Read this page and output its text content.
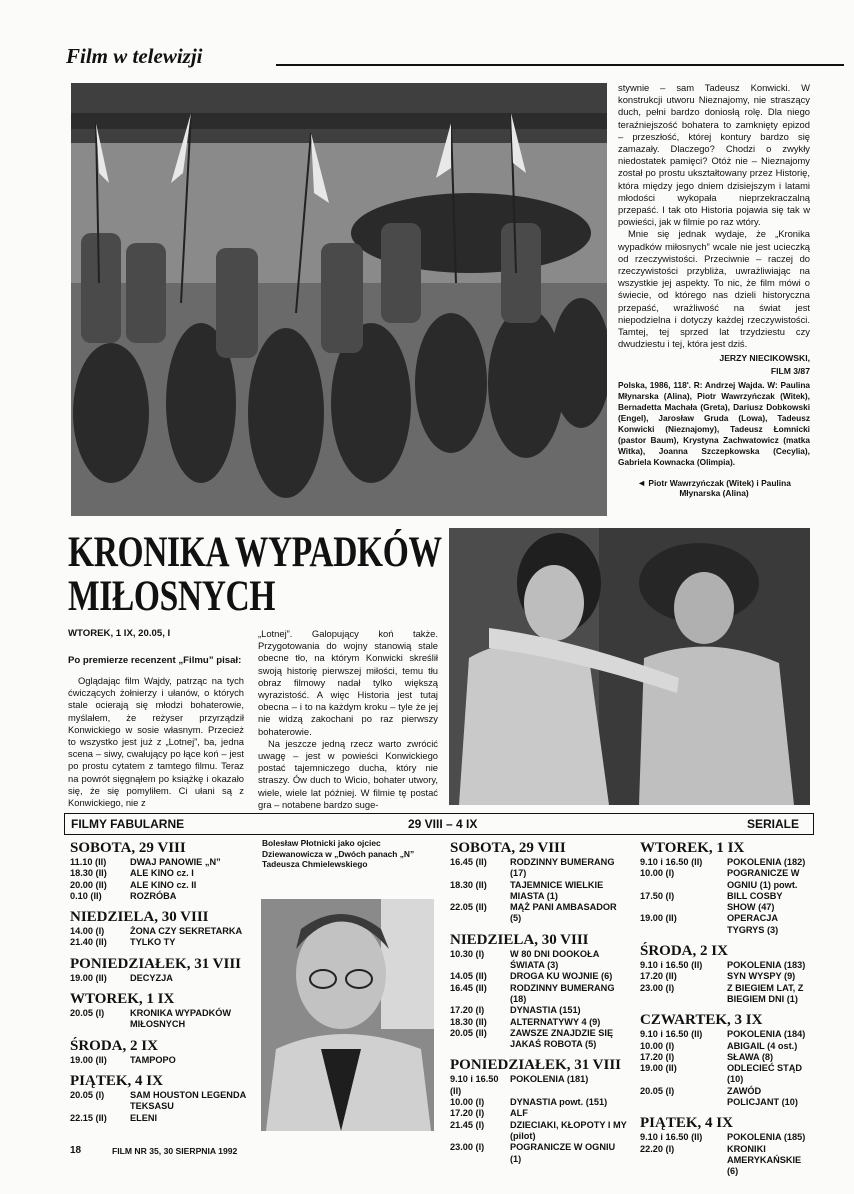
Film w telewizji

stywnie – sam Tadeusz Konwicki. W konstrukcji utworu Nieznajomy, nie straszący duch, pełni bardzo doniosłą rolę. Dla niego teraźniejszość bohatera to zamknięty epizod – przeszłość, której kontury bardzo się zamazały. Dlaczego? Chodzi o zwykły niedostatek pamięci? Otóż nie – Nieznajomy został po prostu ukształtowany przez Historię, która między jego dniem dzisiejszym i latami młodości wykopała nieprzekraczalną przepaść. I tak oto Historia pojawia się tak w powieści, jak w filmie po raz wtóry.

Mnie się jednak wydaje, że „Kronika wypadków miłosnych” wcale nie jest ucieczką od rzeczywistości. Przeciwnie – raczej do rzeczywistości przybliża, uwrażliwiając na wszystkie jej aspekty. To nic, że film mówi o świecie, od którego nas dzieli historyczna przepaść, wrażliwość na świat jest niepodzielna i dotyczy każdej rzeczywistości. Tamtej, tej sprzed lat trzydziestu czy dwudziestu i tej, która jest dziś.

JERZY NIECIKOWSKI,
FILM 3/87
Polska, 1986, 118'. R: Andrzej Wajda. W: Paulina Młynarska (Alina), Piotr Wawrzyńczak (Witek), Bernadetta Machała (Greta), Dariusz Dobkowski (Engel), Jarosław Gruda (Lowa), Tadeusz Konwicki (Nieznajomy), Tadeusz Łomnicki (pastor Baum), Krystyna Zachwatowicz (matka Witka), Joanna Szczepkowska (Cecylia), Gabriela Kownacka (Olimpia).
◄ Piotr Wawrzyńczak (Witek) i Paulina Młynarska (Alina)
KRONIKA WYPADKÓW
MIŁOSNYCH
WTOREK, 1 IX, 20.05, I
Po premierze recenzent „Filmu” pisał:

Oglądając film Wajdy, patrząc na tych ćwiczących żołnierzy i ułanów, o których stale ocierają się młodzi bohaterowie, myślałem, że reżyser przyrządził Konwickiego w sosie własnym. Przecież to wszystko jest już z „Lotnej”, ba, jedna scena – siwy, cwałujący po łące koń – jest po prostu cytatem z tamtego filmu. Teraz na powrót sięgnąłem po książkę i okazało się, że się pomyliłem. Ci ułani są z Konwickiego, nie z

„Lotnej”. Galopujący koń także. Przygotowania do wojny stanowią stale obecne tło, na którym Konwicki skreślił swoją historię pierwszej miłości, temu tłu obraz filmowy nadał tylko większą wyrazistość. A więc Historia jest tutaj obecna – i to na każdym kroku – tyle że jej nie widzą zakochani po raz pierwszy bohaterowie.

Na jeszcze jedną rzecz warto zwrócić uwagę – jest w powieści Konwickiego postać tajemniczego ducha, który nie straszy. Ów duch to Wicio, bohater utwory, wiele, wiele lat później. W filmie tę postać gra – notabene bardzo suge-

FILMY FABULARNE	29 VIII – 4 IX	SERIALE
SOBOTA, 29 VIII
11.10 (II)	DWAJ PANOWIE „N”
18.30 (II)	ALE KINO cz. I
20.00 (II)	ALE KINO cz. II
0.10 (II)	ROZRÓBA
NIEDZIELA, 30 VIII
14.00 (I)	ŻONA CZY SEKRETARKA
21.40 (II)	TYLKO TY
PONIEDZIAŁEK, 31 VIII
19.00 (II)	DECYZJA
WTOREK, 1 IX
20.05 (I)	KRONIKA WYPADKÓW MIŁOSNYCH
ŚRODA, 2 IX
19.00 (II)	TAMPOPO
PIĄTEK, 4 IX
20.05 (I)	SAM HOUSTON LEGENDA TEKSASU
22.15 (II)	ELENI
Bolesław Płotnicki jako ojciec Dziewanowicza w „Dwóch panach „N” Tadeusza Chmielewskiego
SOBOTA, 29 VIII
16.45 (II)	RODZINNY BUMERANG (17)
18.30 (II)	TAJEMNICE WIELKIE MIASTA (1)
22.05 (II)	MĄŻ PANI AMBASADOR (5)
NIEDZIELA, 30 VIII
10.30 (I)	W 80 DNI DOOKOŁA ŚWIATA (3)
14.05 (II)	DROGA KU WOJNIE (6)
16.45 (II)	RODZINNY BUMERANG (18)
17.20 (I)	DYNASTIA (151)
18.30 (II)	ALTERNATYWY 4 (9)
20.05 (II)	ZAWSZE ZNAJDZIE SIĘ JAKAŚ ROBOTA (5)
PONIEDZIAŁEK, 31 VIII
9.10 i 16.50 (II)
POKOLENIA (181)
10.00 (I)	DYNASTIA powt. (151)
17.20 (I)	ALF
21.45 (I)	DZIECIAKI, KŁOPOTY I MY (pilot)
23.00 (I)	POGRANICZE W OGNIU (1)
WTOREK, 1 IX
9.10 i 16.50 (II)	POKOLENIA (182)
10.00 (I)	POGRANICZE W OGNIU (1) powt.
17.50 (I)	BILL COSBY SHOW (47)
19.00 (II)	OPERACJA TYGRYS (3)
ŚRODA, 2 IX
9.10 i 16.50 (II)	POKOLENIA (183)
17.20 (II)	SYN WYSPY (9)
23.00 (I)	Z BIEGIEM LAT, Z BIEGIEM DNI (1)
CZWARTEK, 3 IX
9.10 i 16.50 (II)	POKOLENIA (184)
10.00 (I)	ABIGAIL (4 ost.)
17.20 (I)	SŁAWA (8)
19.00 (II)	ODLECIEĆ STĄD (10)
20.05 (I)	ZAWÓD POLICJANT (10)
PIĄTEK, 4 IX
9.10 i 16.50 (II)	POKOLENIA (185)
22.20 (I)	KRONIKI AMERYKAŃSKIE (6)
18	FILM NR 35, 30 SIERPNIA 1992
